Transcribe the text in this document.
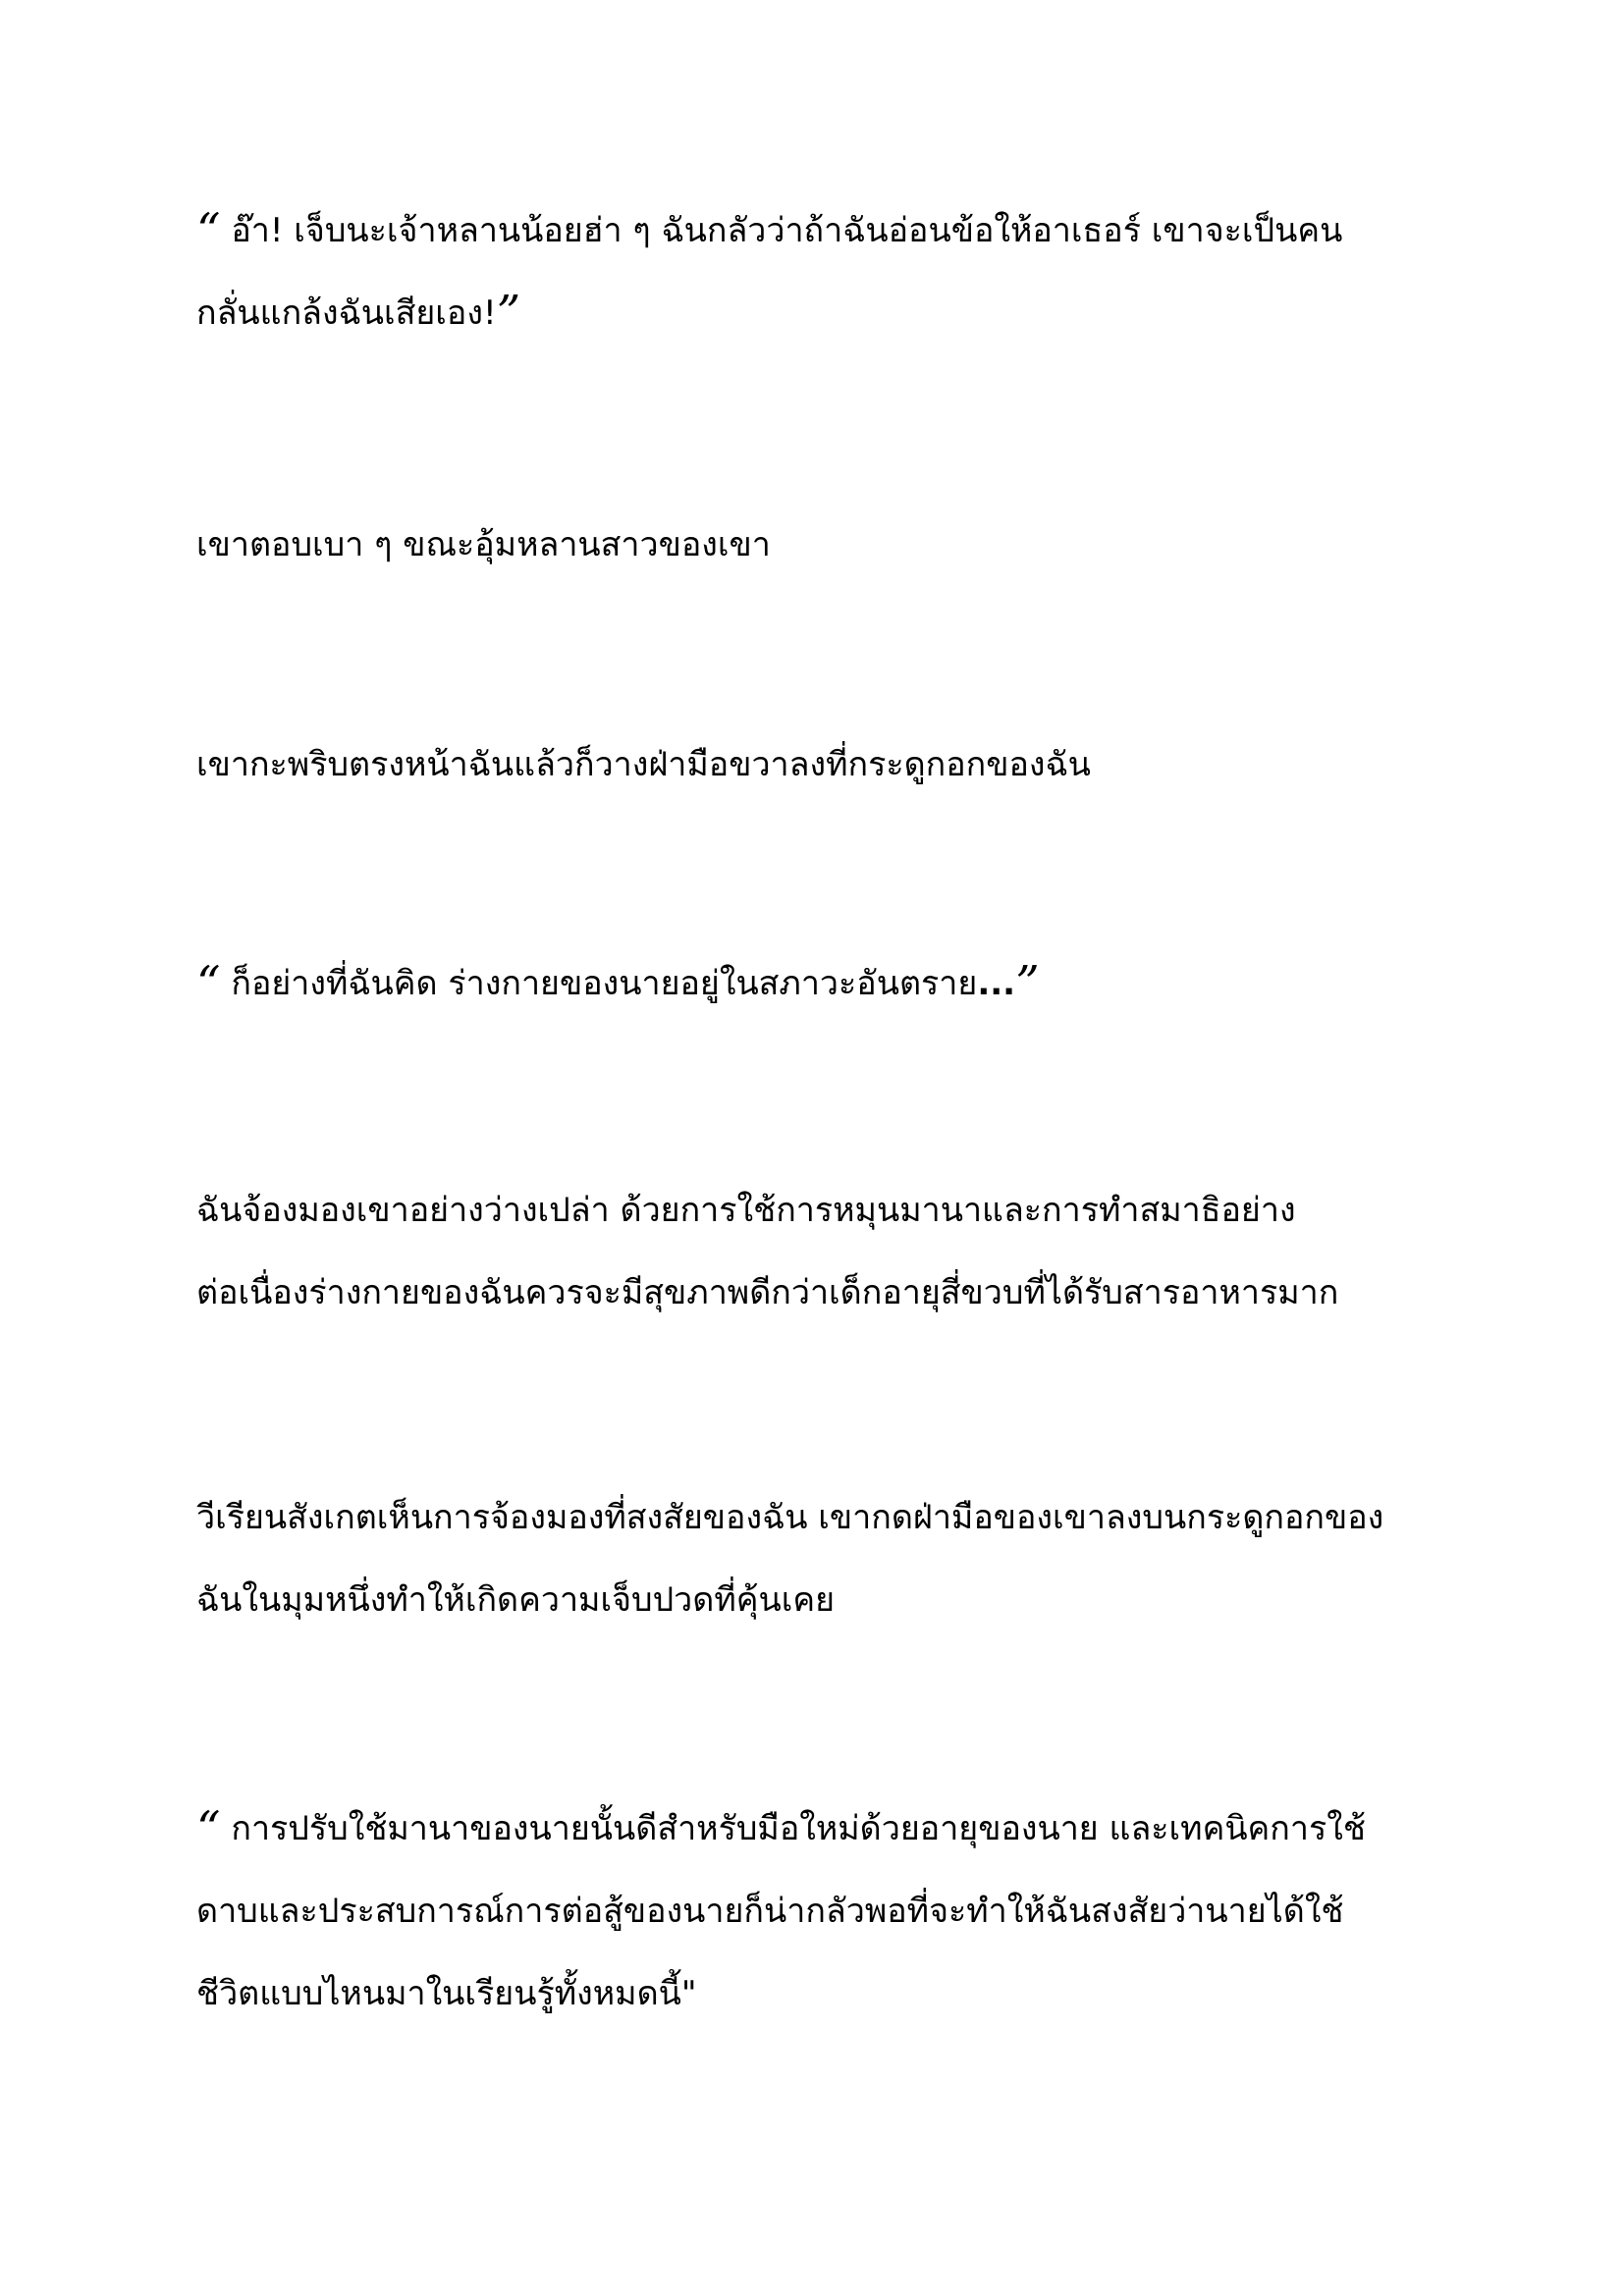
“ อ๊า! เจ็บนะเจ้าหลานน้อยฮ่า ๆ ฉันกลัวว่าถ้าฉันอ่อนข้อให้อาเธอร์ เขาจะเป็นคน
กลั่นแกล้งฉันเสียเอง!”

เขาตอบเบา ๆ ขณะอุ้มหลานสาวของเขา

เขากะพริบตรงหน้าฉันแล้วก็วางฝ่ามือขวาลงที่กระดูกอกของฉัน

“ ก็อย่างที่ฉันคิด ร่างกายของนายอยู่ในสภาวะอันตราย...”

ฉันจ้องมองเขาอย่างว่างเปล่า ด้วยการใช้การหมุนมานาและการทำสมาธิอย่าง
ต่อเนื่องร่างกายของฉันควรจะมีสุขภาพดีกว่าเด็กอายุสี่ขวบที่ได้รับสารอาหารมาก

วีเรียนสังเกตเห็นการจ้องมองที่สงสัยของฉัน เขากดฝ่ามือของเขาลงบนกระดูกอกของ
ฉันในมุมหนึ่งทำให้เกิดความเจ็บปวดที่คุ้นเคย

“ การปรับใช้มานาของนายนั้นดีสำหรับมือใหม่ด้วยอายุของนาย และเทคนิคการใช้
ดาบและประสบการณ์การต่อสู้ของนายก็น่ากลัวพอที่จะทำให้ฉันสงสัยว่านายได้ใช้
ชีวิตแบบไหนมาในเรียนรู้ทั้งหมดนี้"
